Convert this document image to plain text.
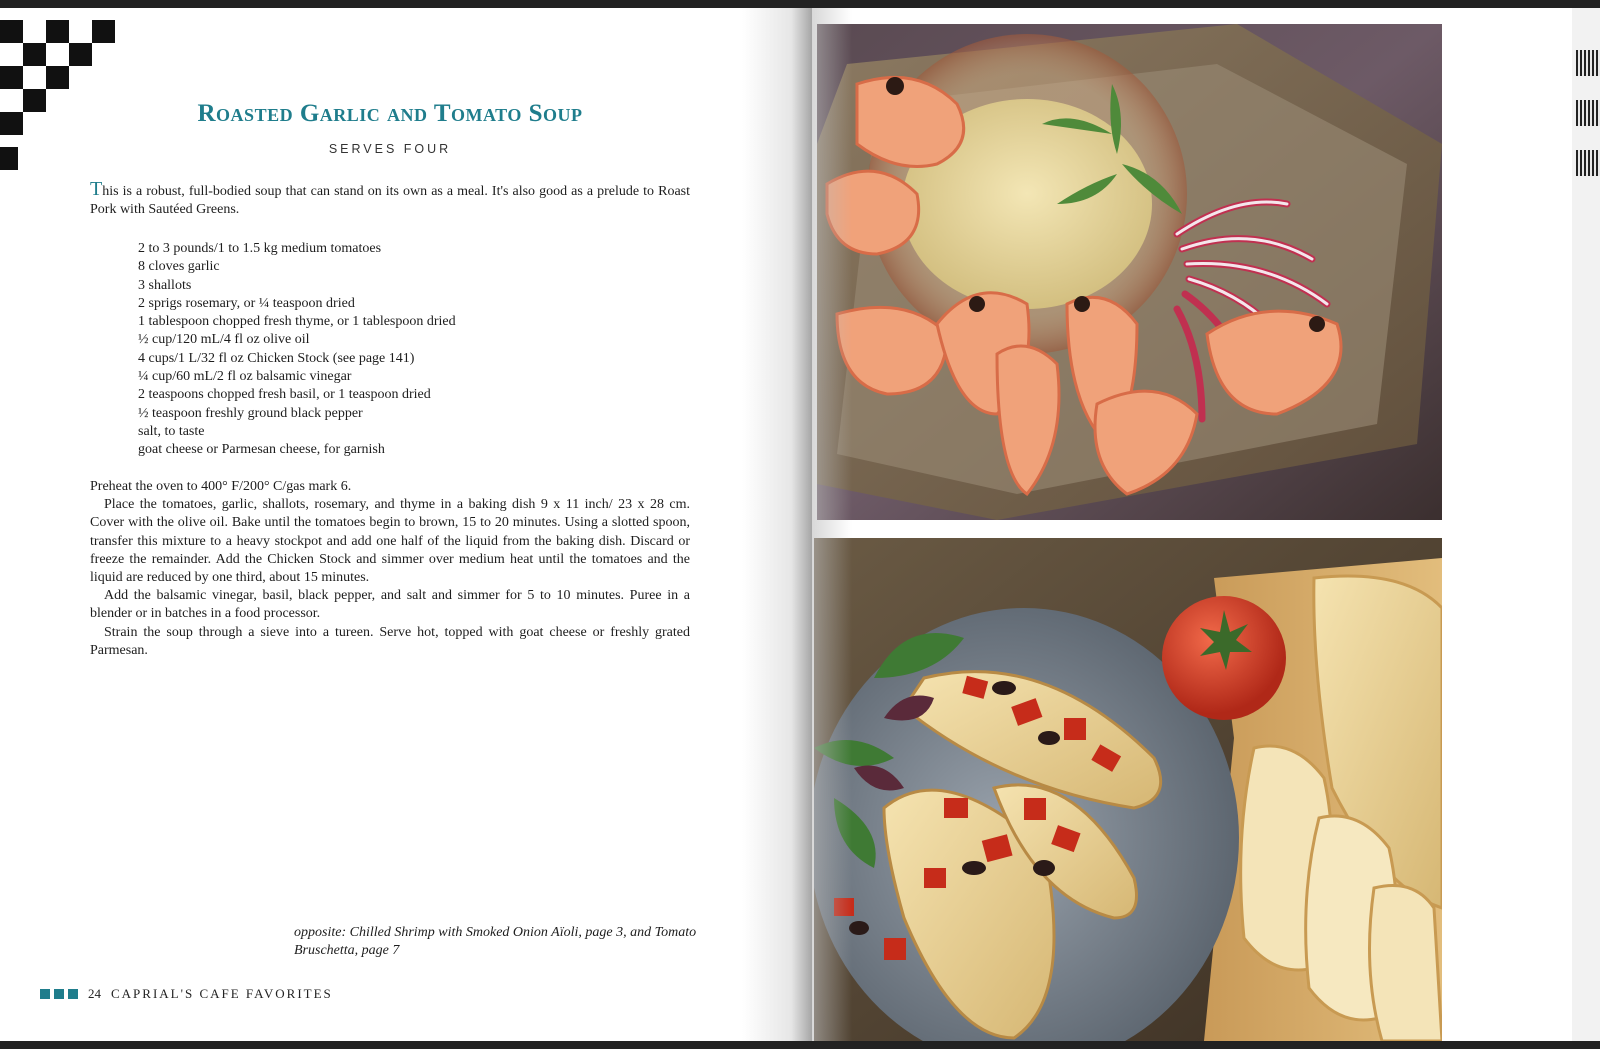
Roasted Garlic and Tomato Soup
SERVES FOUR
This is a robust, full-bodied soup that can stand on its own as a meal. It's also good as a prelude to Roast Pork with Sautéed Greens.
2 to 3 pounds/1 to 1.5 kg medium tomatoes
8 cloves garlic
3 shallots
2 sprigs rosemary, or ¼ teaspoon dried
1 tablespoon chopped fresh thyme, or 1 tablespoon dried
½ cup/120 mL/4 fl oz olive oil
4 cups/1 L/32 fl oz Chicken Stock (see page 141)
¼ cup/60 mL/2 fl oz balsamic vinegar
2 teaspoons chopped fresh basil, or 1 teaspoon dried
½ teaspoon freshly ground black pepper
salt, to taste
goat cheese or Parmesan cheese, for garnish

Preheat the oven to 400° F/200° C/gas mark 6.

Place the tomatoes, garlic, shallots, rosemary, and thyme in a baking dish 9 x 11 inch/ 23 x 28 cm. Cover with the olive oil. Bake until the tomatoes begin to brown, 15 to 20 minutes. Using a slotted spoon, transfer this mixture to a heavy stockpot and add one half of the liquid from the baking dish. Discard or freeze the remainder. Add the Chicken Stock and simmer over medium heat until the tomatoes and the liquid are reduced by one third, about 15 minutes.

Add the balsamic vinegar, basil, black pepper, and salt and simmer for 5 to 10 minutes. Puree in a blender or in batches in a food processor.

Strain the soup through a sieve into a tureen. Serve hot, topped with goat cheese or freshly grated Parmesan.

opposite: Chilled Shrimp with Smoked Onion Aïoli, page 3, and Tomato Bruschetta, page 7
24 CAPRIAL'S CAFE FAVORITES
